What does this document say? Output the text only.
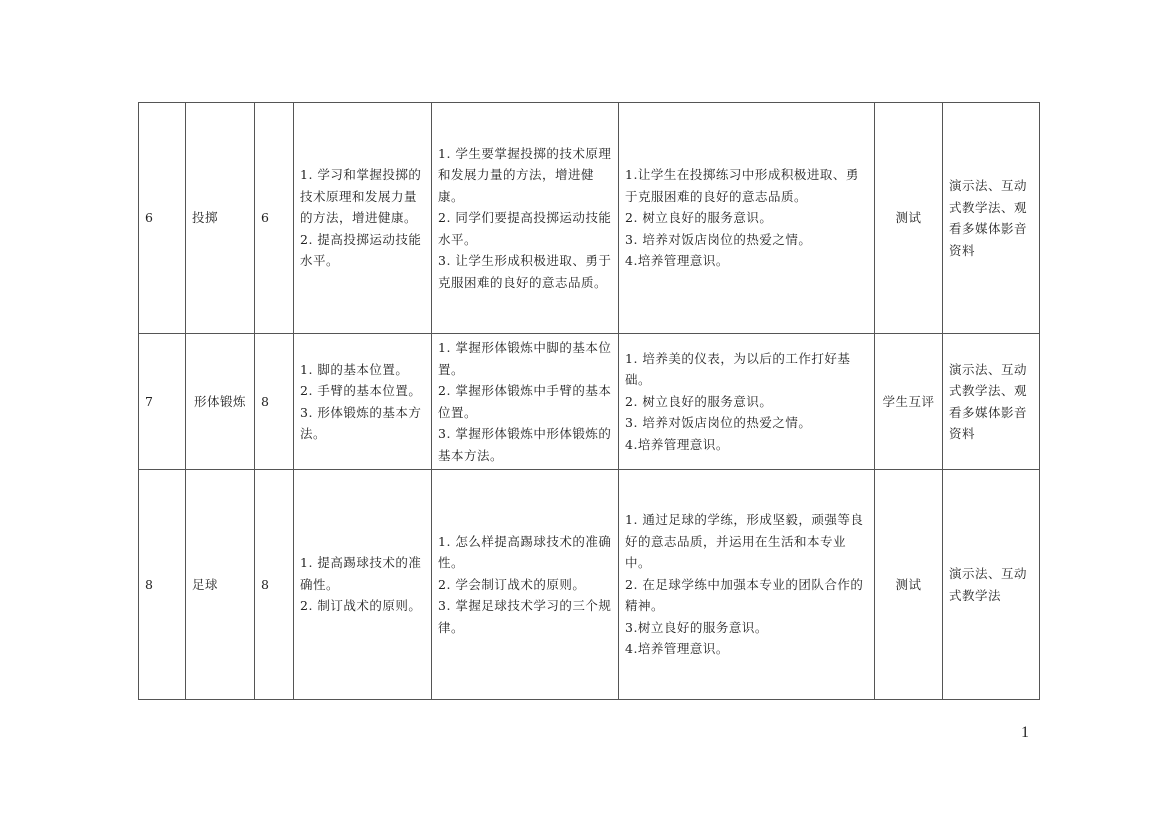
6	投掷	6	1. 学习和掌握投掷的技术原理和发展力量的方法，增进健康。
2. 提高投掷运动技能水平。	1. 学生要掌握投掷的技术原理和发展力量的方法，增进健康。
2. 同学们要提高投掷运动技能水平。
3. 让学生形成积极进取、勇于克服困难的良好的意志品质。	1.让学生在投掷练习中形成积极进取、勇于克服困难的良好的意志品质。
2. 树立良好的服务意识。
3. 培养对饭店岗位的热爱之情。
4.培养管理意识。	测试	演示法、互动式教学法、观看多媒体影音资料
7	形体锻炼	8	1. 脚的基本位置。
2. 手臂的基本位置。
3. 形体锻炼的基本方法。	1. 掌握形体锻炼中脚的基本位置。
2. 掌握形体锻炼中手臂的基本位置。
3. 掌握形体锻炼中形体锻炼的基本方法。	1. 培养美的仪表，为以后的工作打好基础。
2. 树立良好的服务意识。
3. 培养对饭店岗位的热爱之情。
4.培养管理意识。	学生互评	演示法、互动式教学法、观看多媒体影音资料
8	足球	8	1. 提高踢球技术的准确性。
2. 制订战术的原则。	1. 怎么样提高踢球技术的准确性。
2. 学会制订战术的原则。
3. 掌握足球技术学习的三个规律。	1. 通过足球的学练，形成坚毅，顽强等良好的意志品质，并运用在生活和本专业中。
2. 在足球学练中加强本专业的团队合作的精神。
3.树立良好的服务意识。
4.培养管理意识。	测试	演示法、互动式教学法
1
